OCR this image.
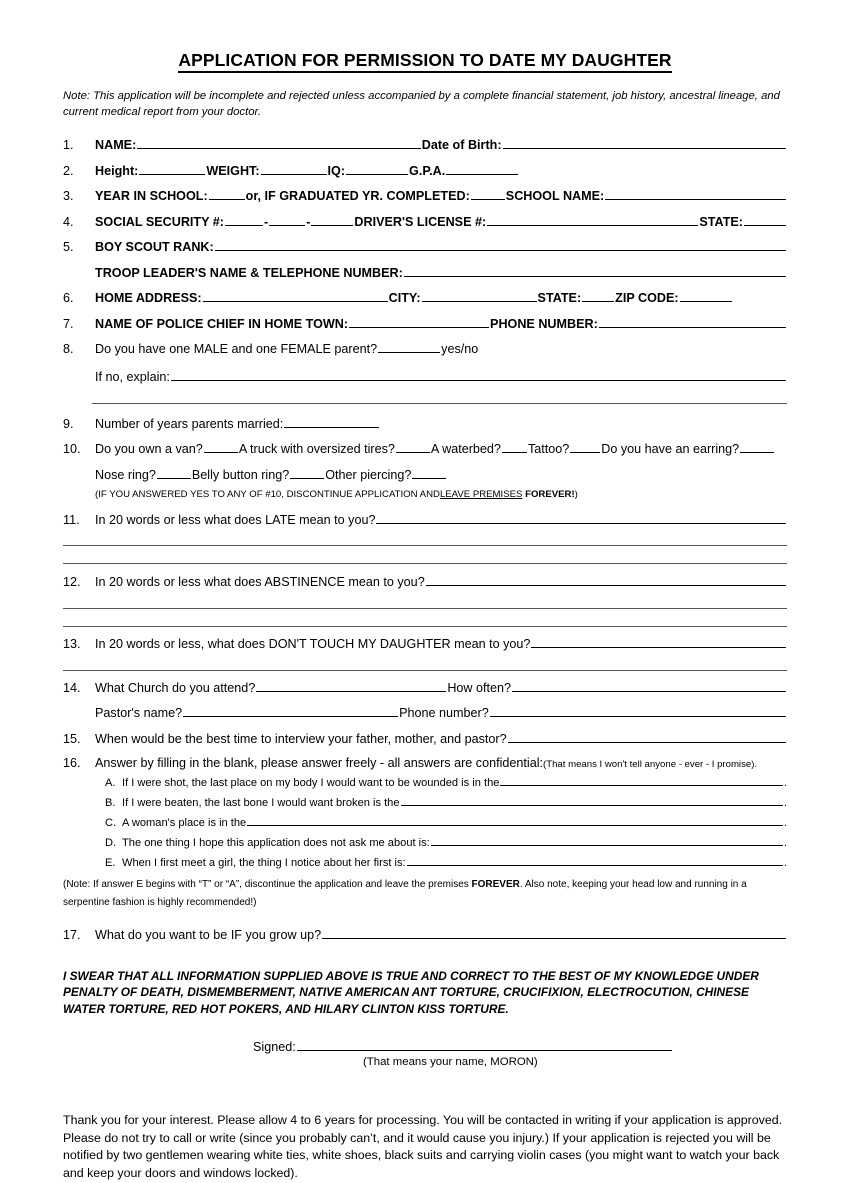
APPLICATION FOR PERMISSION TO DATE MY DAUGHTER
Note: This application will be incomplete and rejected unless accompanied by a complete financial statement, job history, ancestral lineage, and current medical report from your doctor.
1.	NAME:	Date of Birth:
2.	Height:	WEIGHT:	IQ:	G.P.A.
3.	YEAR IN SCHOOL:	or, IF GRADUATED YR. COMPLETED:	SCHOOL NAME:
4.	SOCIAL SECURITY #:	-	-	DRIVER'S LICENSE #:	STATE:
5.	BOY SCOUT RANK:
TROOP LEADER'S NAME & TELEPHONE NUMBER:
6.	HOME ADDRESS:	CITY:	STATE:	ZIP CODE:
7.	NAME OF POLICE CHIEF IN HOME TOWN:	PHONE NUMBER:
8.	Do you have one MALE and one FEMALE parent?	yes/no
If no, explain:
9.	Number of years parents married:
10.	Do you own a van?	A truck with oversized tires?	A waterbed? Tattoo?	Do you have an earring?
Nose ring?	Belly button ring?	Other piercing?
(IF YOU ANSWERED YES TO ANY OF #10, DISCONTINUE APPLICATION AND LEAVE PREMISES
FOREVER! )
11.	In 20 words or less what does LATE mean to you?
12.	In 20 words or less what does ABSTINENCE mean to you?
13.	In 20 words or less, what does DON'T TOUCH MY DAUGHTER mean to you?
14.	What Church do you attend?	How often?
Pastor's name?	Phone number?
15.	When would be the best time to interview your father, mother, and pastor?
16.	Answer by filling in the blank, please answer freely - all answers are confidential: (That means I won't tell anyone - ever - I promise).
A. If I were shot, the last place on my body I would want to be wounded is in the	.
B. If I were beaten, the last bone I would want broken is the	.
C. A woman's place is in the	.
D. The one thing I hope this application does not ask me about is:	.
E. When I first meet a girl, the thing I notice about her first is:	.
(Note: If answer E begins with “T” or “A”, discontinue the application and leave the premises FOREVER. Also note, keeping your head low and running in a serpentine fashion is highly recommended!)
17.	What do you want to be IF you grow up?
I SWEAR THAT ALL INFORMATION SUPPLIED ABOVE IS TRUE AND CORRECT TO THE BEST OF MY KNOWLEDGE UNDER PENALTY OF DEATH, DISMEMBERMENT, NATIVE AMERICAN ANT TORTURE, CRUCIFIXION, ELECTROCUTION, CHINESE WATER TORTURE, RED HOT POKERS, AND HILARY CLINTON KISS TORTURE.
Signed:
(That means your name, MORON)
Thank you for your interest. Please allow 4 to 6 years for processing. You will be contacted in writing if your application is approved. Please do not try to call or write (since you probably can’t, and it would cause you injury.) If your application is rejected you will be notified by two gentlemen wearing white ties, white shoes, black suits and carrying violin cases (you might want to watch your back and keep your doors and windows locked).
